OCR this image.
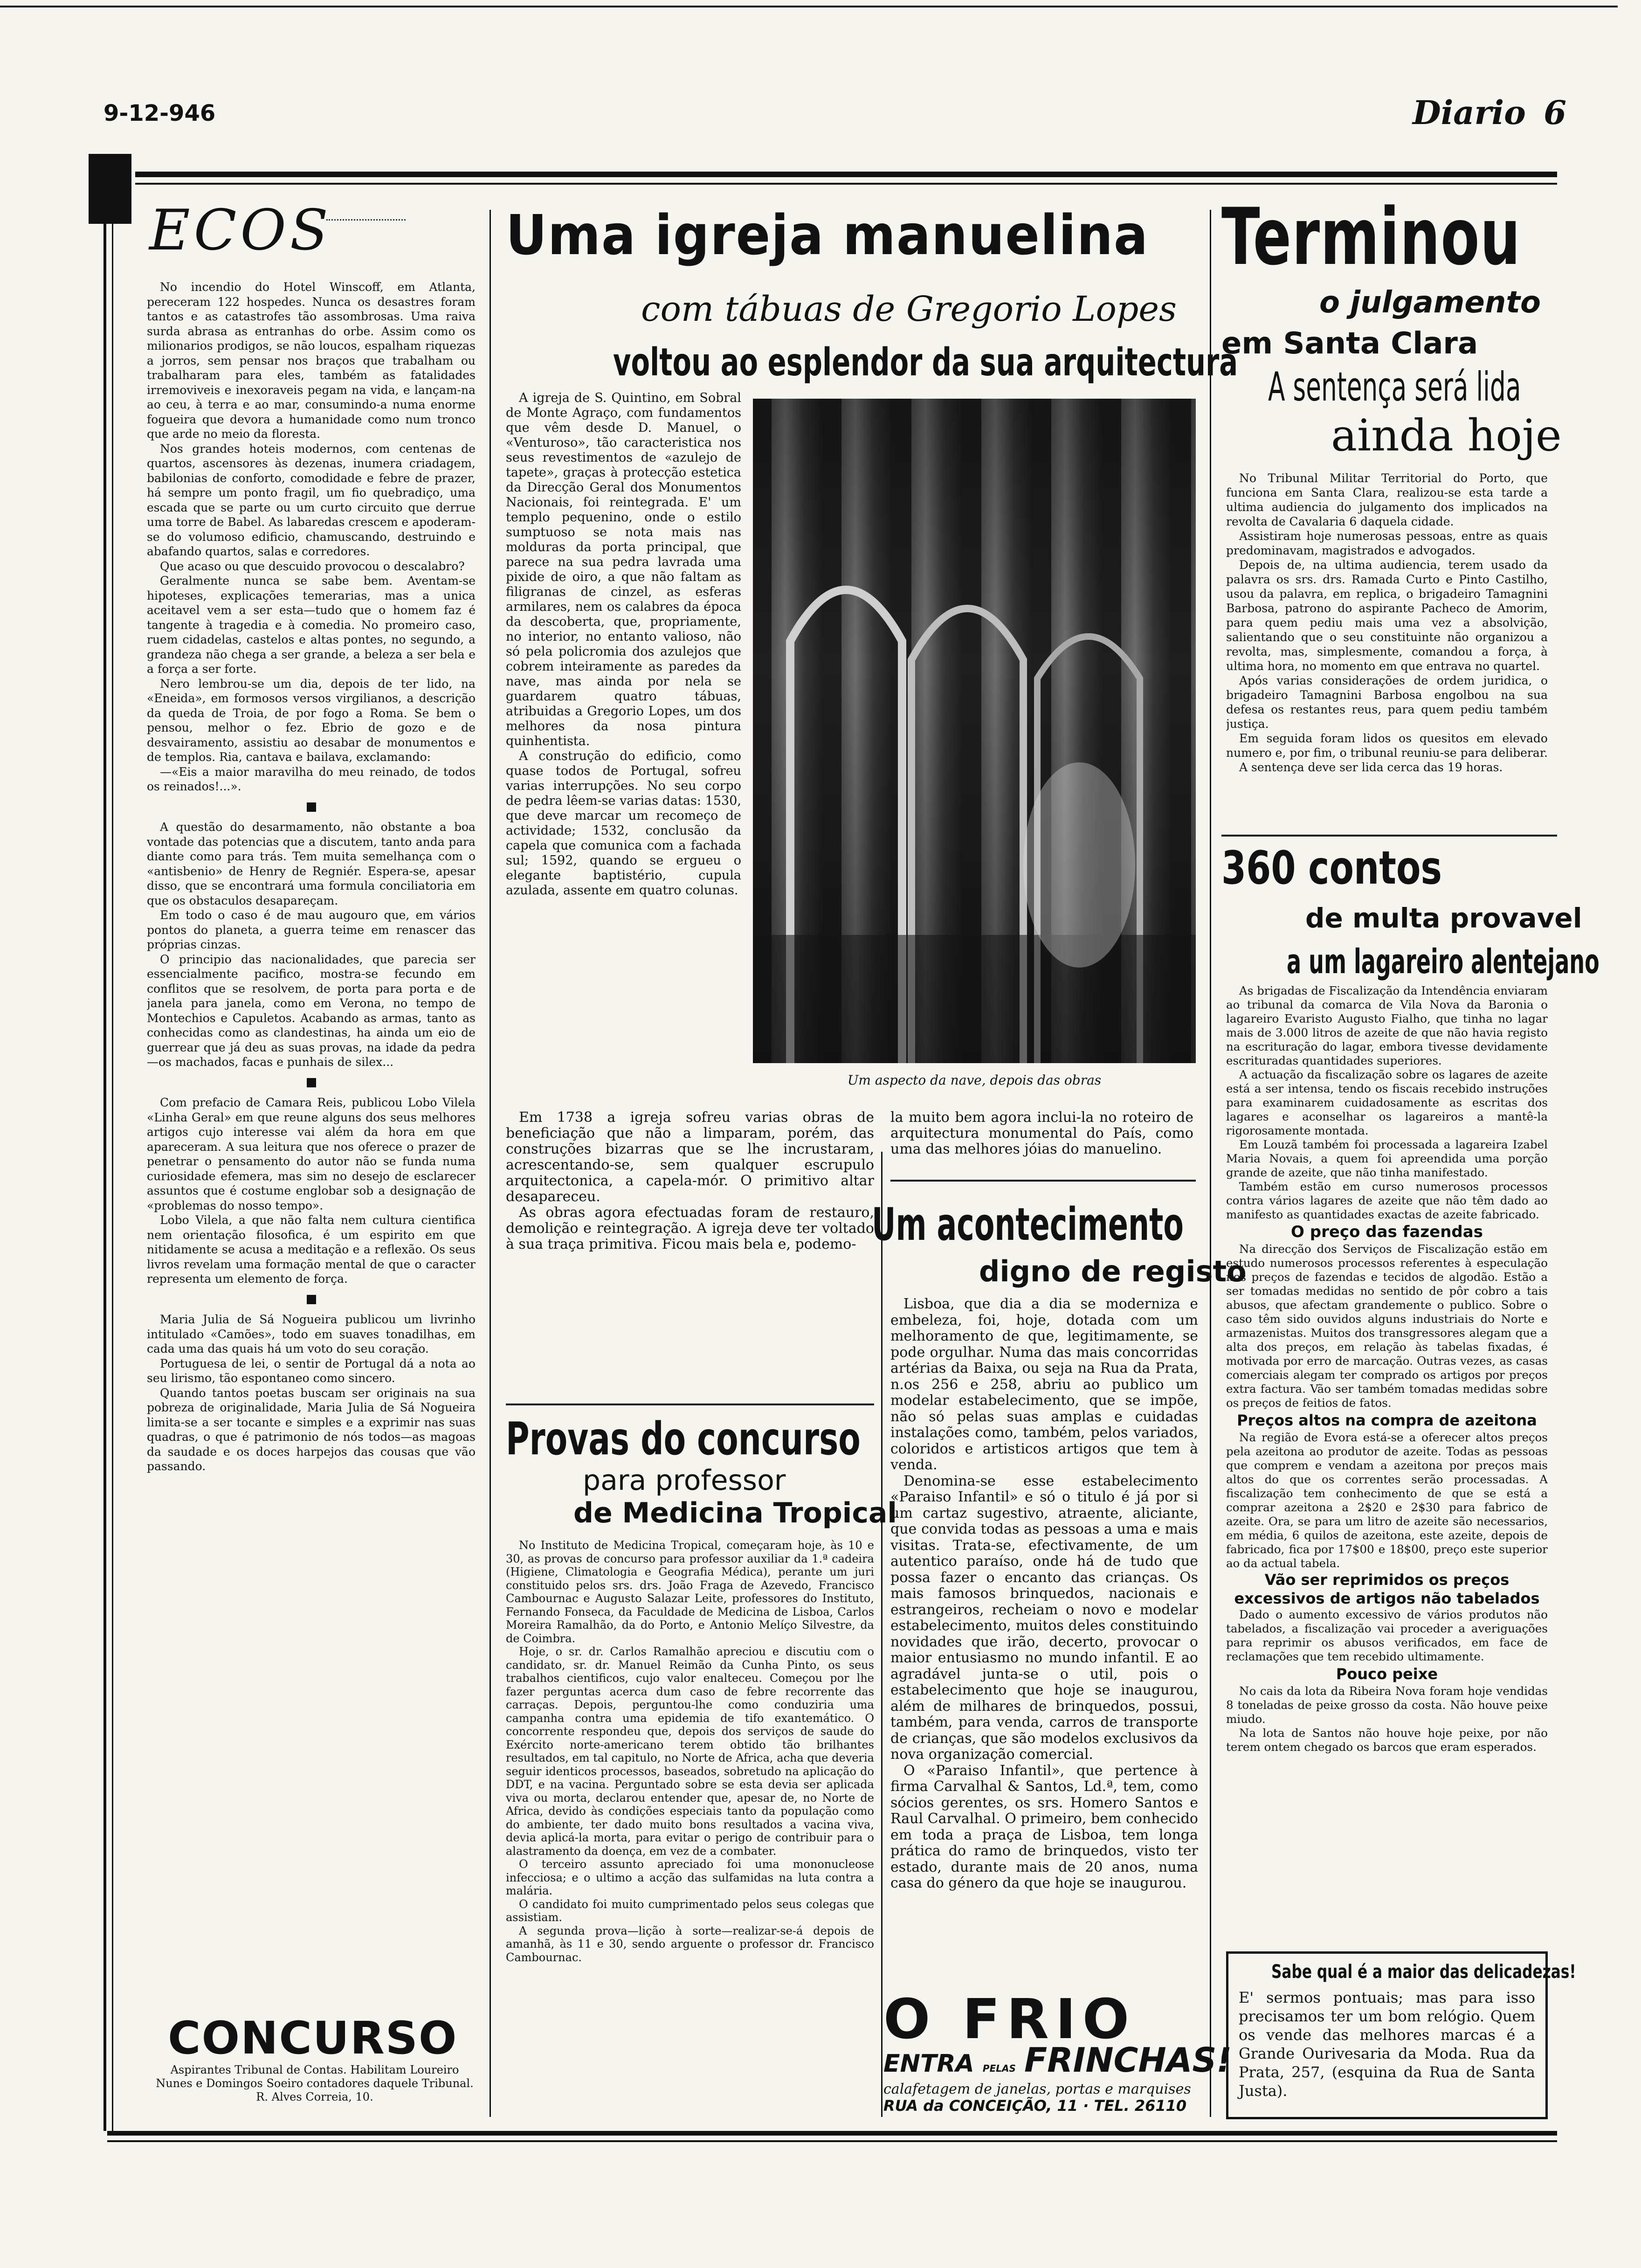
9-12-946	Diario 6
ECOS

No incendio do Hotel Winscoff, em Atlanta, pereceram 122 hospedes. Nunca os desastres foram tantos e as catastrofes tão assombrosas. Uma raiva surda abrasa as entranhas do orbe. Assim como os milionarios prodigos, se não loucos, espalham riquezas a jorros, sem pensar nos braços que trabalham ou trabalharam para eles, também as fatalidades irremoviveis e inexoraveis pegam na vida, e lançam-na ao ceu, à terra e ao mar, consumindo-a numa enorme fogueira que devora a humanidade como num tronco que arde no meio da floresta.

Nos grandes hoteis modernos, com centenas de quartos, ascensores às dezenas, inumera criadagem, babilonias de conforto, comodidade e febre de prazer, há sempre um ponto fragil, um fio quebradiço, uma escada que se parte ou um curto circuito que derrue uma torre de Babel. As labaredas crescem e apoderam-se do volumoso edificio, chamuscando, destruindo e abafando quartos, salas e corredores.

Que acaso ou que descuido provocou o descalabro?

Geralmente nunca se sabe bem. Aventam-se hipoteses, explicações temerarias, mas a unica aceitavel vem a ser esta—tudo que o homem faz é tangente à tragedia e à comedia. No promeiro caso, ruem cidadelas, castelos e altas pontes, no segundo, a grandeza não chega a ser grande, a beleza a ser bela e a força a ser forte.

Nero lembrou-se um dia, depois de ter lido, na «Eneida», em formosos versos virgilianos, a descrição da queda de Troia, de por fogo a Roma. Se bem o pensou, melhor o fez. Ebrio de gozo e de desvairamento, assistiu ao desabar de monumentos e de templos. Ria, cantava e bailava, exclamando:

—«Eis a maior maravilha do meu reinado, de todos os reinados!...».

A questão do desarmamento, não obstante a boa vontade das potencias que a discutem, tanto anda para diante como para trás. Tem muita semelhança com o «antisbenio» de Henry de Regniér. Espera-se, apesar disso, que se encontrará uma formula conciliatoria em que os obstaculos desapareçam.

Em todo o caso é de mau augouro que, em vários pontos do planeta, a guerra teime em renascer das próprias cinzas.

O principio das nacionalidades, que parecia ser essencialmente pacifico, mostra-se fecundo em conflitos que se resolvem, de porta para porta e de janela para janela, como em Verona, no tempo de Montechios e Capuletos. Acabando as armas, tanto as conhecidas como as clandestinas, ha ainda um eio de guerrear que já deu as suas provas, na idade da pedra—os machados, facas e punhais de silex...

Com prefacio de Camara Reis, publicou Lobo Vilela «Linha Geral» em que reune alguns dos seus melhores artigos cujo interesse vai além da hora em que apareceram. A sua leitura que nos oferece o prazer de penetrar o pensamento do autor não se funda numa curiosidade efemera, mas sim no desejo de esclarecer assuntos que é costume englobar sob a designação de «problemas do nosso tempo».

Lobo Vilela, a que não falta nem cultura cientifica nem orientação filosofica, é um espirito em que nitidamente se acusa a meditação e a reflexão. Os seus livros revelam uma formação mental de que o caracter representa um elemento de força.

Maria Julia de Sá Nogueira publicou um livrinho intitulado «Camões», todo em suaves tonadilhas, em cada uma das quais há um voto do seu coração.

Portuguesa de lei, o sentir de Portugal dá a nota ao seu lirismo, tão espontaneo como sincero.

Quando tantos poetas buscam ser originais na sua pobreza de originalidade, Maria Julia de Sá Nogueira limita-se a ser tocante e simples e a exprimir nas suas quadras, o que é patrimonio de nós todos—as magoas da saudade e os doces harpejos das cousas que vão passando.

CONCURSO
Aspirantes Tribunal de Contas. Habilitam Loureiro Nunes e Domingos Soeiro contadores daquele Tribunal. R. Alves Correia, 10.
Uma igreja manuelina
com tábuas de Gregorio Lopes
voltou ao esplendor da sua arquitectura

A igreja de S. Quintino, em Sobral de Monte Agraço, com fundamentos que vêm desde D. Manuel, o «Venturoso», tão caracteristica nos seus revestimentos de «azulejo de tapete», graças à protecção estetica da Direcção Geral dos Monumentos Nacionais, foi reintegrada. E' um templo pequenino, onde o estilo sumptuoso se nota mais nas molduras da porta principal, que parece na sua pedra lavrada uma pixide de oiro, a que não faltam as filigranas de cinzel, as esferas armilares, nem os calabres da época da descoberta, que, propriamente, no interior, no entanto valioso, não só pela policromia dos azulejos que cobrem inteiramente as paredes da nave, mas ainda por nela se guardarem quatro tábuas, atribuidas a Gregorio Lopes, um dos melhores da nosa pintura quinhentista.

A construção do edificio, como quase todos de Portugal, sofreu varias interrupções. No seu corpo de pedra lêem-se varias datas: 1530, que deve marcar um recomeço de actividade; 1532, conclusão da capela que comunica com a fachada sul; 1592, quando se ergueu o elegante baptistério, cupula azulada, assente em quatro colunas.

Um aspecto da nave, depois das obras

Em 1738 a igreja sofreu varias obras de beneficiação que não a limparam, porém, das construções bizarras que se lhe incrustaram, acrescentando-se, sem qualquer escrupulo arquitectonica, a capela-mór. O primitivo altar desapareceu.

As obras agora efectuadas foram de restauro, demolição e reintegração. A igreja deve ter voltado à sua traça primitiva. Ficou mais bela e, podemo-

la muito bem agora inclui-la no roteiro de arquitectura monumental do País, como uma das melhores jóias do manuelino.

Provas do concurso
para professor
de Medicina Tropical

No Instituto de Medicina Tropical, começaram hoje, às 10 e 30, as provas de concurso para professor auxiliar da 1.ª cadeira (Higiene, Climatologia e Geografia Médica), perante um juri constituido pelos srs. drs. João Fraga de Azevedo, Francisco Cambournac e Augusto Salazar Leite, professores do Instituto, Fernando Fonseca, da Faculdade de Medicina de Lisboa, Carlos Moreira Ramalhão, da do Porto, e Antonio Melíço Silvestre, da de Coimbra.

Hoje, o sr. dr. Carlos Ramalhão apreciou e discutiu com o candidato, sr. dr. Manuel Reimão da Cunha Pinto, os seus trabalhos cientificos, cujo valor enalteceu. Começou por lhe fazer perguntas acerca dum caso de febre recorrente das carraças. Depois, perguntou-lhe como conduziria uma campanha contra uma epidemia de tifo exantemático. O concorrente respondeu que, depois dos serviços de saude do Exército norte-americano terem obtido tão brilhantes resultados, em tal capitulo, no Norte de Africa, acha que deveria seguir identicos processos, baseados, sobretudo na aplicação do DDT, e na vacina. Perguntado sobre se esta devia ser aplicada viva ou morta, declarou entender que, apesar de, no Norte de Africa, devido às condições especiais tanto da população como do ambiente, ter dado muito bons resultados a vacina viva, devia aplicá-la morta, para evitar o perigo de contribuir para o alastramento da doença, em vez de a combater.

O terceiro assunto apreciado foi uma mononucleose infecciosa; e o ultimo a acção das sulfamidas na luta contra a malária.

O candidato foi muito cumprimentado pelos seus colegas que assistiam.

A segunda prova—lição à sorte—realizar-se-á depois de amanhã, às 11 e 30, sendo arguente o professor dr. Francisco Cambournac.

Um acontecimento
digno de registo

Lisboa, que dia a dia se moderniza e embeleza, foi, hoje, dotada com um melhoramento de que, legitimamente, se pode orgulhar. Numa das mais concorridas artérias da Baixa, ou seja na Rua da Prata, n.os 256 e 258, abriu ao publico um modelar estabelecimento, que se impõe, não só pelas suas amplas e cuidadas instalações como, também, pelos variados, coloridos e artisticos artigos que tem à venda.

Denomina-se esse estabelecimento «Paraiso Infantil» e só o titulo é já por si um cartaz sugestivo, atraente, aliciante, que convida todas as pessoas a uma e mais visitas. Trata-se, efectivamente, de um autentico paraíso, onde há de tudo que possa fazer o encanto das crianças. Os mais famosos brinquedos, nacionais e estrangeiros, recheiam o novo e modelar estabelecimento, muitos deles constituindo novidades que irão, decerto, provocar o maior entusiasmo no mundo infantil. E ao agradável junta-se o util, pois o estabelecimento que hoje se inaugurou, além de milhares de brinquedos, possui, também, para venda, carros de transporte de crianças, que são modelos exclusivos da nova organização comercial.

O «Paraiso Infantil», que pertence à firma Carvalhal & Santos, Ld.ª, tem, como sócios gerentes, os srs. Homero Santos e Raul Carvalhal. O primeiro, bem conhecido em toda a praça de Lisboa, tem longa prática do ramo de brinquedos, visto ter estado, durante mais de 20 anos, numa casa do género da que hoje se inaugurou.

O FRIO
ENTRA PELAS FRINCHAS!
calafetagem de janelas, portas e marquises
RUA da CONCEIÇÃO, 11 · TEL. 26110
Terminou
o julgamento
em Santa Clara
A sentença será lida
ainda hoje

No Tribunal Militar Territorial do Porto, que funciona em Santa Clara, realizou-se esta tarde a ultima audiencia do julgamento dos implicados na revolta de Cavalaria 6 daquela cidade.

Assistiram hoje numerosas pessoas, entre as quais predominavam, magistrados e advogados.

Depois de, na ultima audiencia, terem usado da palavra os srs. drs. Ramada Curto e Pinto Castilho, usou da palavra, em replica, o brigadeiro Tamagnini Barbosa, patrono do aspirante Pacheco de Amorim, para quem pediu mais uma vez a absolvição, salientando que o seu constituinte não organizou a revolta, mas, simplesmente, comandou a força, à ultima hora, no momento em que entrava no quartel.

Após varias considerações de ordem juridica, o brigadeiro Tamagnini Barbosa engolbou na sua defesa os restantes reus, para quem pediu também justiça.

Em seguida foram lidos os quesitos em elevado numero e, por fim, o tribunal reuniu-se para deliberar.

A sentença deve ser lida cerca das 19 horas.

360 contos
de multa provavel
a um lagareiro alentejano

As brigadas de Fiscalização da Intendência enviaram ao tribunal da comarca de Vila Nova da Baronia o lagareiro Evaristo Augusto Fialho, que tinha no lagar mais de 3.000 litros de azeite de que não havia registo na escrituração do lagar, embora tivesse devidamente escrituradas quantidades superiores.

A actuação da fiscalização sobre os lagares de azeite está a ser intensa, tendo os fiscais recebido instruções para examinarem cuidadosamente as escritas dos lagares e aconselhar os lagareiros a mantê-la rigorosamente montada.

Em Louzã também foi processada a lagareira Izabel Maria Novais, a quem foi apreendida uma porção grande de azeite, que não tinha manifestado.

Também estão em curso numerosos processos contra vários lagares de azeite que não têm dado ao manifesto as quantidades exactas de azeite fabricado.

O preço das fazendas

Na direcção dos Serviços de Fiscalização estão em estudo numerosos processos referentes à especulação nos preços de fazendas e tecidos de algodão. Estão a ser tomadas medidas no sentido de pôr cobro a tais abusos, que afectam grandemente o publico. Sobre o caso têm sido ouvidos alguns industriais do Norte e armazenistas. Muitos dos transgressores alegam que a alta dos preços, em relação às tabelas fixadas, é motivada por erro de marcação. Outras vezes, as casas comerciais alegam ter comprado os artigos por preços extra factura. Vão ser também tomadas medidas sobre os preços de feitios de fatos.

Preços altos na compra de azeitona

Na região de Evora está-se a oferecer altos preços pela azeitona ao produtor de azeite. Todas as pessoas que comprem e vendam a azeitona por preços mais altos do que os correntes serão processadas. A fiscalização tem conhecimento de que se está a comprar azeitona a 2$20 e 2$30 para fabrico de azeite. Ora, se para um litro de azeite são necessarios, em média, 6 quilos de azeitona, este azeite, depois de fabricado, fica por 17$00 e 18$00, preço este superior ao da actual tabela.

Vão ser reprimidos os preços excessivos de artigos não tabelados

Dado o aumento excessivo de vários produtos não tabelados, a fiscalização vai proceder a averiguações para reprimir os abusos verificados, em face de reclamações que tem recebido ultimamente.

Pouco peixe

No cais da lota da Ribeira Nova foram hoje vendidas 8 toneladas de peixe grosso da costa. Não houve peixe miudo.

Na lota de Santos não houve hoje peixe, por não terem ontem chegado os barcos que eram esperados.

Sabe qual é a maior das delicadezas!
E' sermos pontuais; mas para isso precisamos ter um bom relógio. Quem os vende das melhores marcas é a Grande Ourivesaria da Moda. Rua da Prata, 257, (esquina da Rua de Santa Justa).
